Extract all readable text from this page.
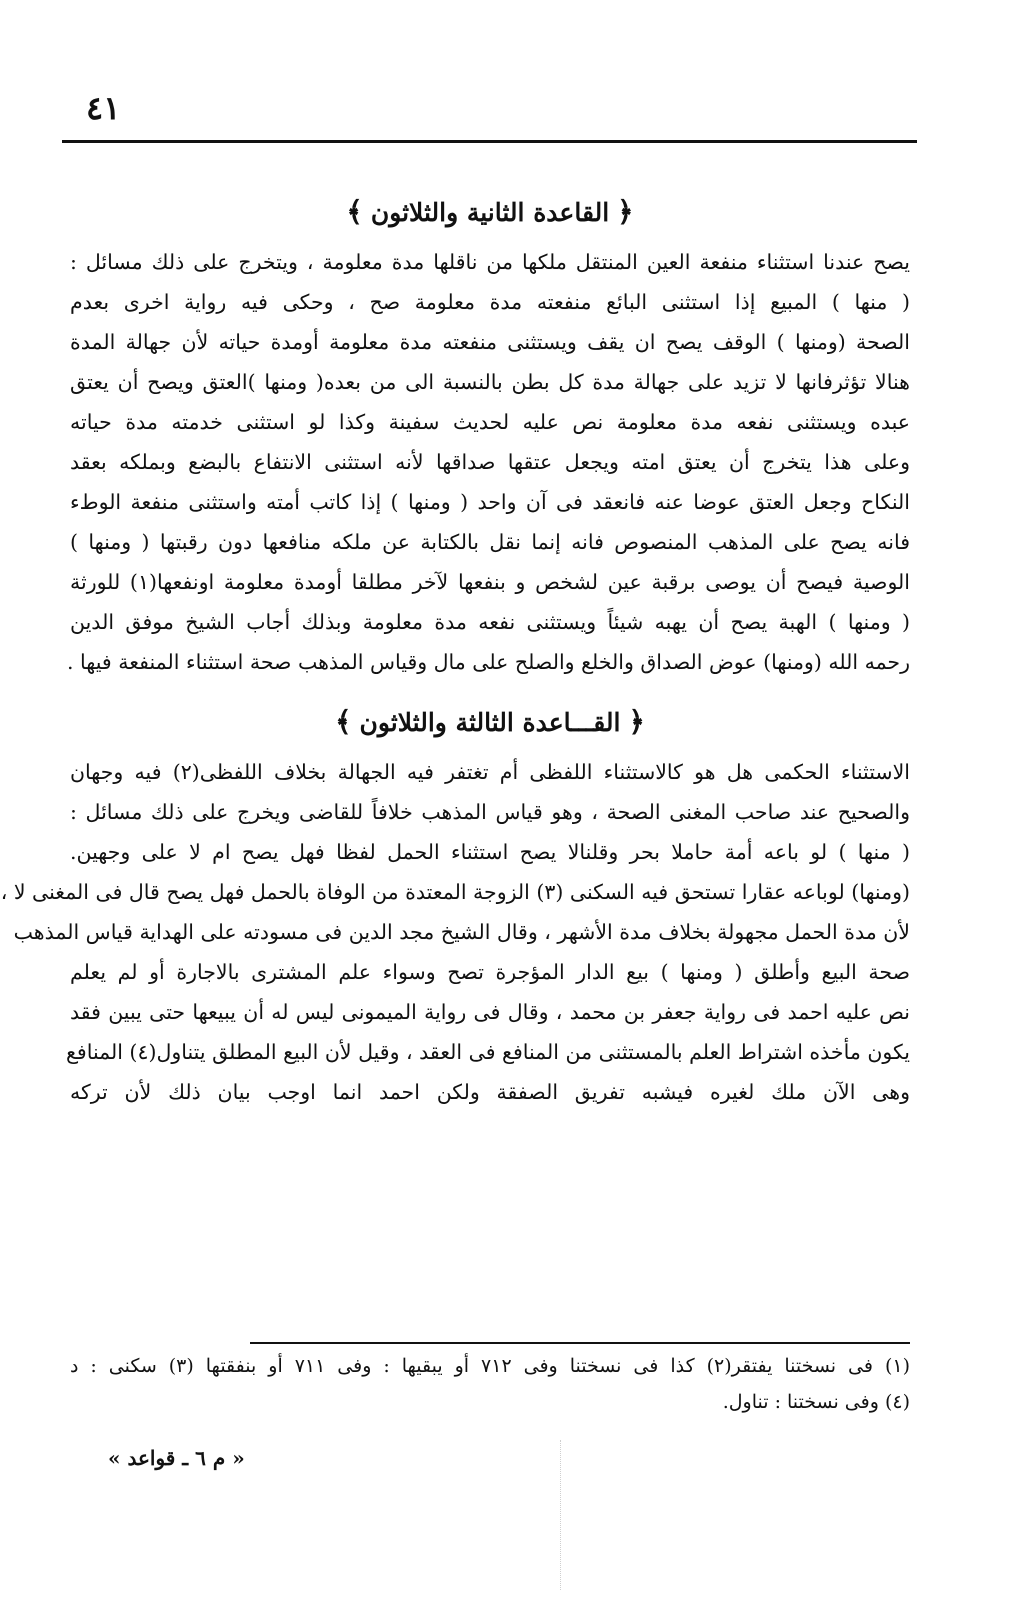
٤١
﴿القاعدة الثانية والثلاثون﴾
يصح عندنا استثناء منفعة العين المنتقل ملكها من ناقلها مدة معلومة ، ويتخرج على ذلك مسائل :
( منها ) المبيع إذا استثنى البائع منفعته مدة معلومة صح ، وحكى فيه رواية اخرى بعدم
الصحة (ومنها ) الوقف يصح ان يقف ويستثنى منفعته مدة معلومة أومدة حياته لأن جهالة المدة
هنالا تؤثرفانها لا تزيد على جهالة مدة كل بطن بالنسبة الى من بعده( ومنها )العتق ويصح أن يعتق
عبده ويستثنى نفعه مدة معلومة نص عليه لحديث سفينة وكذا لو استثنى خدمته مدة حياته
وعلى هذا يتخرج أن يعتق امته ويجعل عتقها صداقها لأنه استثنى الانتفاع بالبضع وبملكه بعقد
النكاح وجعل العتق عوضا عنه فانعقد فى آن واحد ( ومنها ) إذا كاتب أمته واستثنى منفعة الوطء
فانه يصح على المذهب المنصوص فانه إنما نقل بالكتابة عن ملكه منافعها دون رقبتها ( ومنها )
الوصية فيصح أن يوصى برقبة عين لشخص و بنفعها لآخر مطلقا أومدة معلومة اونفعها(١) للورثة
( ومنها ) الهبة يصح أن يهبه شيئاً ويستثنى نفعه مدة معلومة وبذلك أجاب الشيخ موفق الدين
رحمه الله (ومنها) عوض الصداق والخلع والصلح على مال وقياس المذهب صحة استثناء المنفعة فيها .
﴿القـــاعدة الثالثة والثلاثون﴾
الاستثناء الحكمى هل هو كالاستثناء اللفظى أم تغتفر فيه الجهالة بخلاف اللفظى(٢) فيه وجهان
والصحيح عند صاحب المغنى الصحة ، وهو قياس المذهب خلافاً للقاضى ويخرج على ذلك مسائل :
( منها ) لو باعه أمة حاملا بحر وقلنالا يصح استثناء الحمل لفظا فهل يصح ام لا على وجهين.
(ومنها) لوباعه عقارا تستحق فيه السكنى (٣) الزوجة المعتدة من الوفاة بالحمل فهل يصح قال فى المغنى لا ،
لأن مدة الحمل مجهولة بخلاف مدة الأشهر ، وقال الشيخ مجد الدين فى مسودته على الهداية قياس المذهب
صحة البيع وأطلق ( ومنها ) بيع الدار المؤجرة تصح وسواء علم المشترى بالاجارة أو لم يعلم
نص عليه احمد فى رواية جعفر بن محمد ، وقال فى رواية الميمونى ليس له أن يبيعها حتى يبين فقد
يكون مأخذه اشتراط العلم بالمستثنى من المنافع فى العقد ، وقيل لأن البيع المطلق يتناول(٤) المنافع
وهى الآن ملك لغيره فيشبه تفريق الصفقة ولكن احمد انما اوجب بيان ذلك لأن تركه
(١) فى نسختنا يفتقر(٢) كذا فى نسختنا وفى ٧١٢ أو يبقيها : وفى ٧١١ أو بنفقتها (٣) سكنى : د
(٤) وفى نسختنا : تناول.
« م ٦ ـ قواعد »
